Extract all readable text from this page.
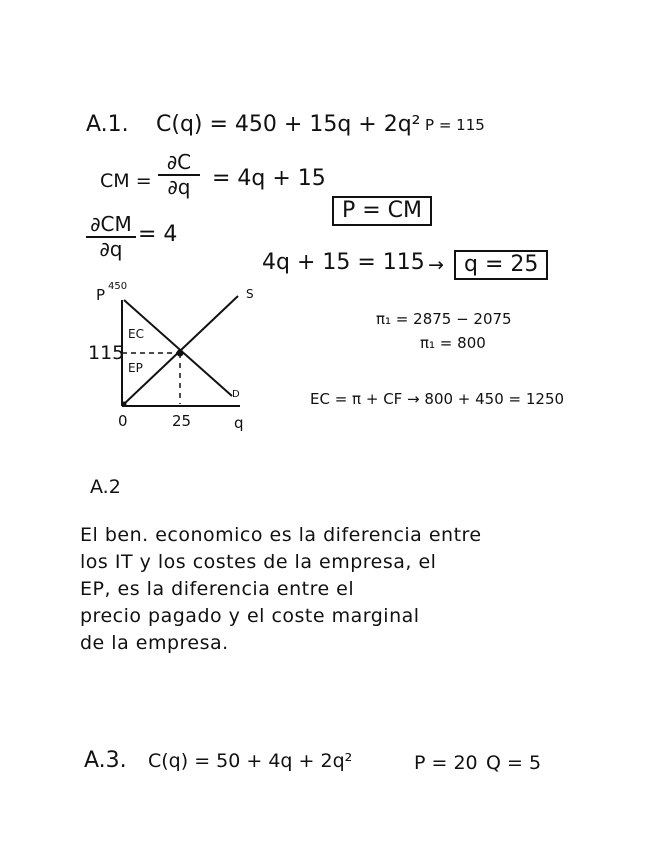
A.1. C(q) = 450 + 15q + 2q² P = 115
CM =
∂C
∂q = 4q + 15
P = CM
∂CM
∂q
= 4
4q + 15 = 115 → q = 25
π₁ = 2875 − 2075
π₁ = 800
EC = π + CF → 800 + 450 = 1250
P 450
115
0	25	q
S
D
EC
EP
A.2
El ben. economico es la diferencia entre
los IT y los costes de la empresa, el
EP, es la diferencia entre el
precio pagado y el coste marginal
de la empresa.
A.3. C(q) = 50 + 4q + 2q²	P = 20 Q = 5
